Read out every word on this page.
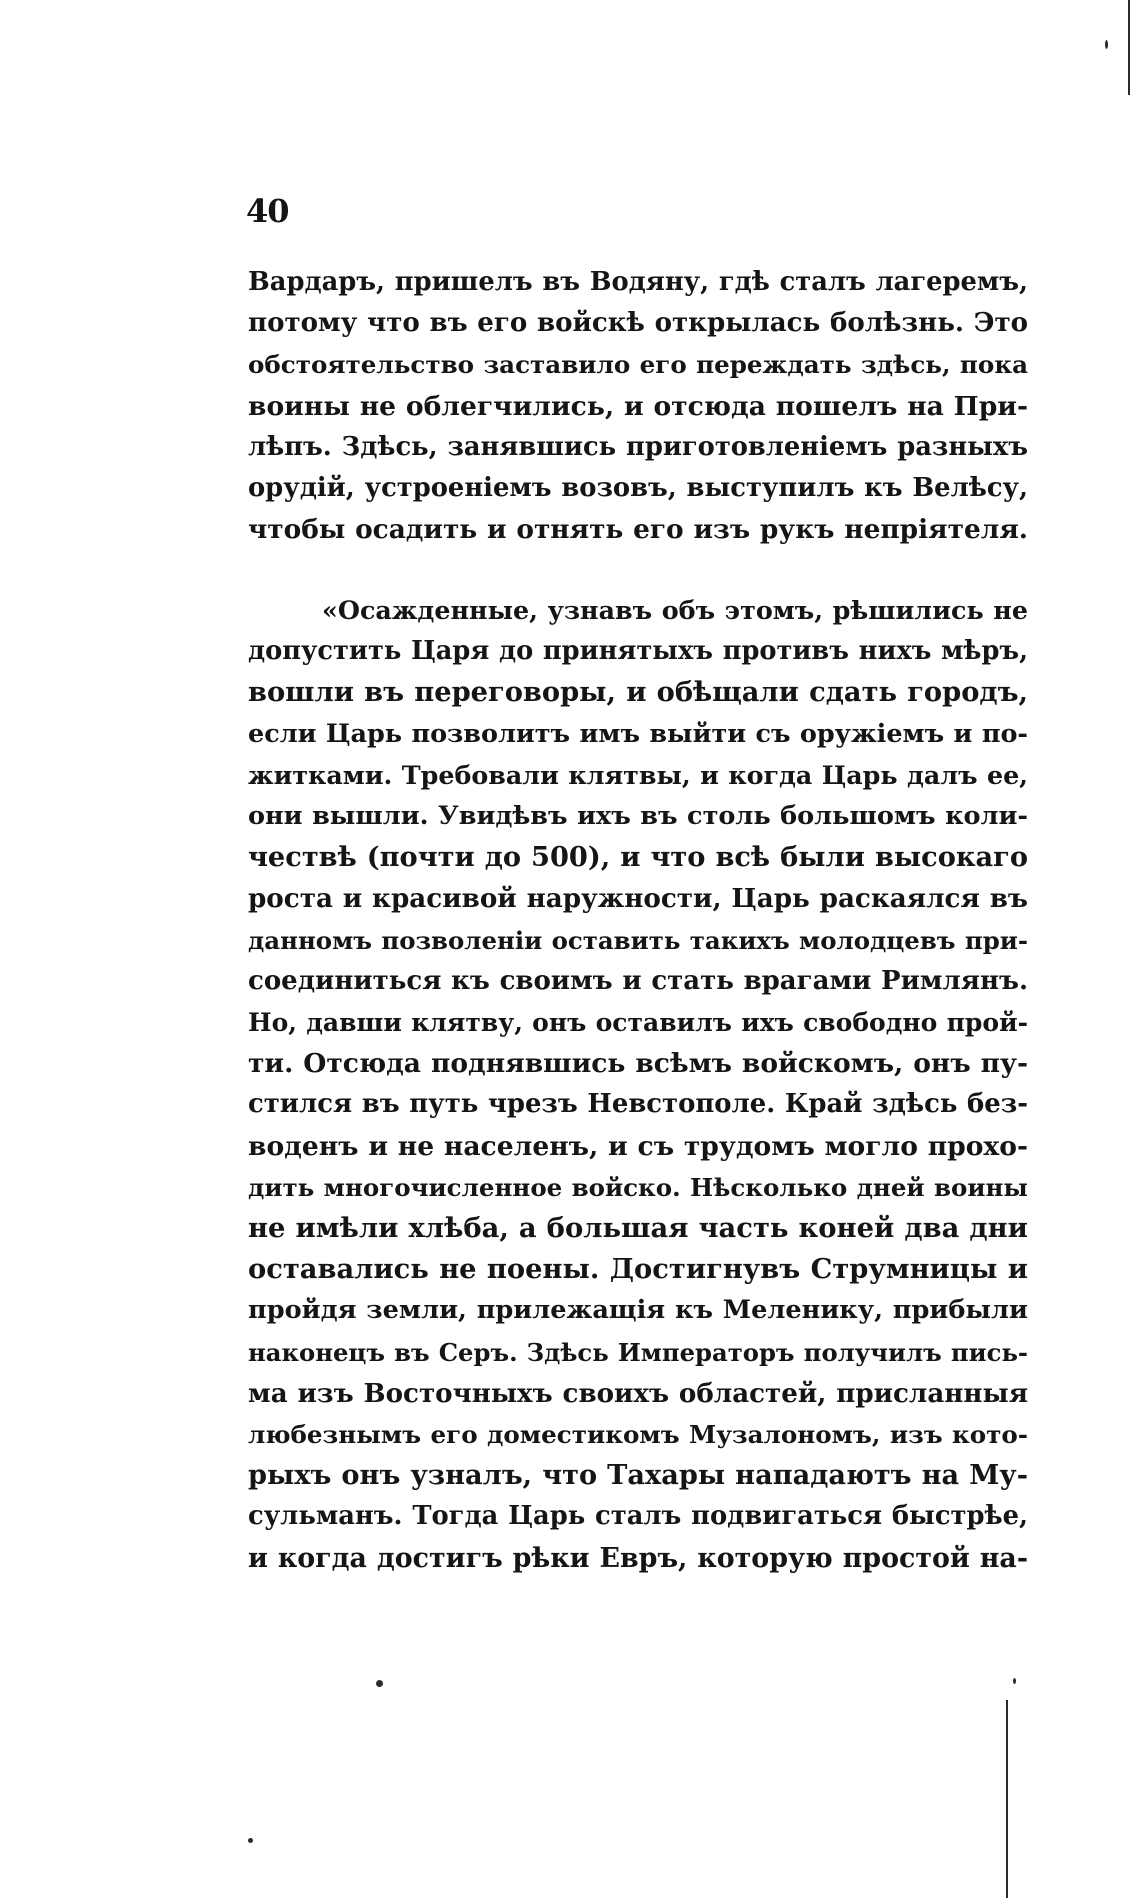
40
Вардаръ, пришелъ въ Водяну, гдѣ сталъ лагеремъ,
потому что въ его войскѣ открылась болѣзнь. Это
обстоятельство заставило его переждать здѣсь, пока
воины не облегчились, и отсюда пошелъ на При-
лѣпъ. Здѣсь, занявшись приготовленіемъ разныхъ
орудій, устроеніемъ возовъ, выступилъ къ Велѣсу,
чтобы осадить и отнять его изъ рукъ непріятеля.
«Осажденные, узнавъ объ этомъ, рѣшились не
допустить Царя до принятыхъ противъ нихъ мѣръ,
вошли въ переговоры, и обѣщали сдать городъ,
если Царь позволитъ имъ выйти съ оружіемъ и по-
житками. Требовали клятвы, и когда Царь далъ ее,
они вышли. Увидѣвъ ихъ въ столь большомъ коли-
чествѣ (почти до 500), и что всѣ были высокаго
роста и красивой наружности, Царь раскаялся въ
данномъ позволеніи оставить такихъ молодцевъ при-
соединиться къ своимъ и стать врагами Римлянъ.
Но, давши клятву, онъ оставилъ ихъ свободно прой-
ти. Отсюда поднявшись всѣмъ войскомъ, онъ пу-
стился въ путь чрезъ Невстополе. Край здѣсь без-
воденъ и не населенъ, и съ трудомъ могло прохо-
дить многочисленное войско. Нѣсколько дней воины
не имѣли хлѣба, а большая часть коней два дни
оставались не поены. Достигнувъ Струмницы и
пройдя земли, прилежащія къ Меленику, прибыли
наконецъ въ Серъ. Здѣсь Императоръ получилъ пись-
ма изъ Восточныхъ своихъ областей, присланныя
любезнымъ его доместикомъ Музалономъ, изъ кото-
рыхъ онъ узналъ, что Тахары нападаютъ на Му-
сульманъ. Тогда Царь сталъ подвигаться быстрѣе,
и когда достигъ рѣки Евръ, которую простой на-
